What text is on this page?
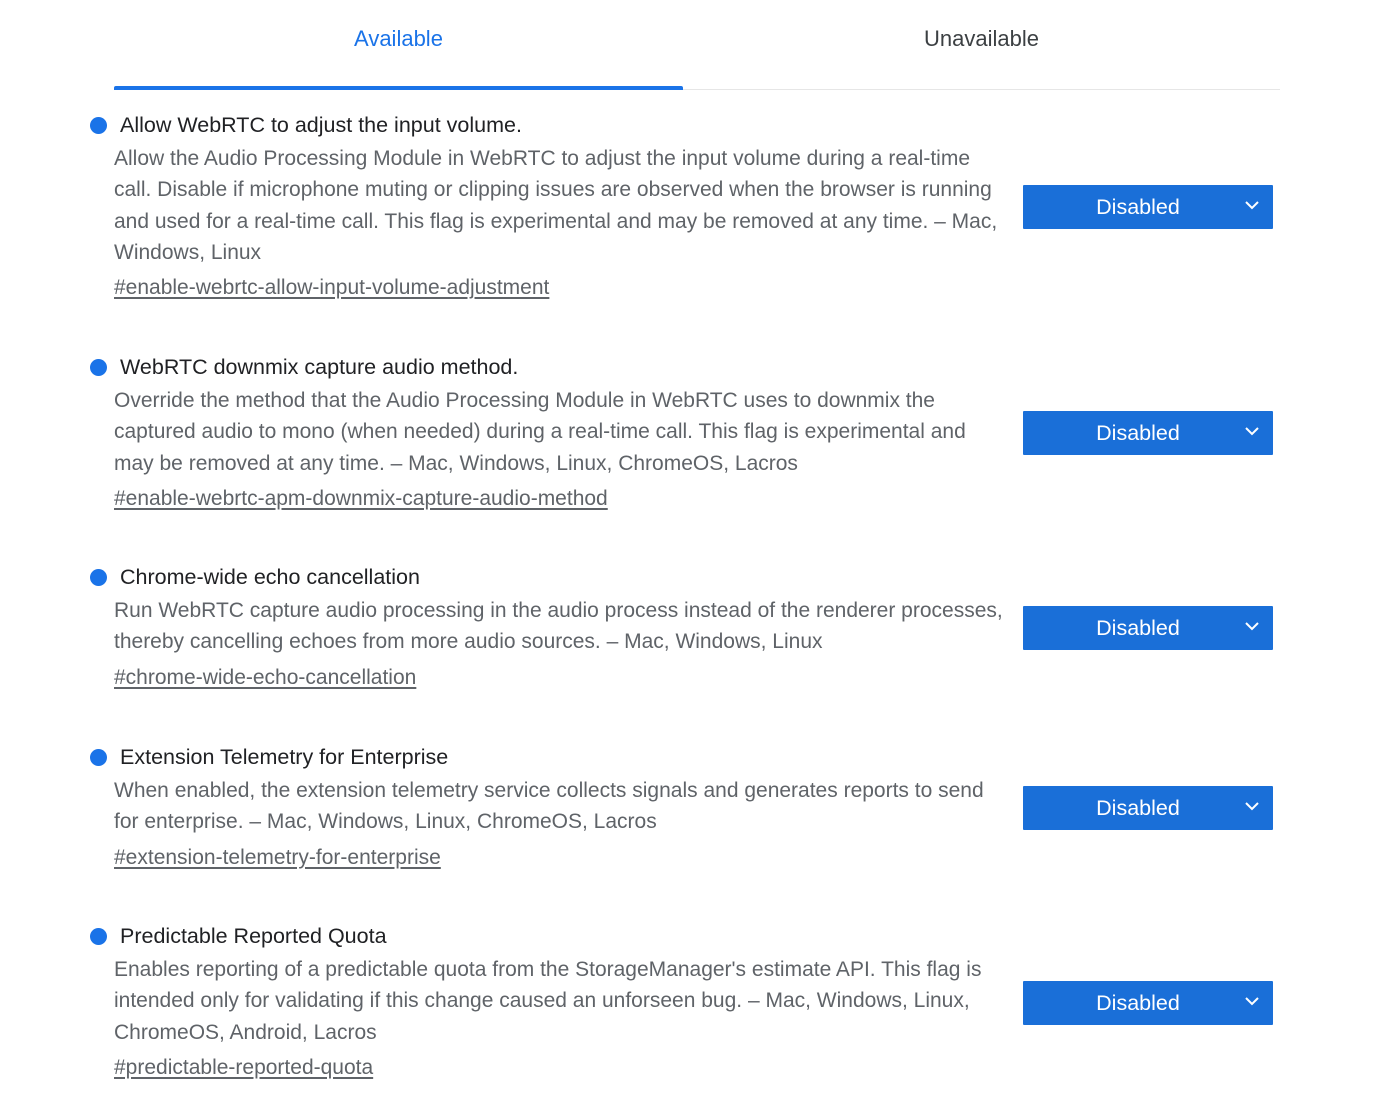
Available	Unavailable
Allow WebRTC to adjust the input volume.
Allow the Audio Processing Module in WebRTC to adjust the input volume during a real-time call. Disable if microphone muting or clipping issues are observed when the browser is running and used for a real-time call. This flag is experimental and may be removed at any time. – Mac, Windows, Linux
#enable-webrtc-allow-input-volume-adjustment
Disabled
WebRTC downmix capture audio method.
Override the method that the Audio Processing Module in WebRTC uses to downmix the captured audio to mono (when needed) during a real-time call. This flag is experimental and may be removed at any time. – Mac, Windows, Linux, ChromeOS, Lacros
#enable-webrtc-apm-downmix-capture-audio-method
Disabled
Chrome-wide echo cancellation
Run WebRTC capture audio processing in the audio process instead of the renderer processes, thereby cancelling echoes from more audio sources. – Mac, Windows, Linux
#chrome-wide-echo-cancellation
Disabled
Extension Telemetry for Enterprise
When enabled, the extension telemetry service collects signals and generates reports to send for enterprise. – Mac, Windows, Linux, ChromeOS, Lacros
#extension-telemetry-for-enterprise
Disabled
Predictable Reported Quota
Enables reporting of a predictable quota from the StorageManager's estimate API. This flag is intended only for validating if this change caused an unforseen bug. – Mac, Windows, Linux, ChromeOS, Android, Lacros
#predictable-reported-quota
Disabled
